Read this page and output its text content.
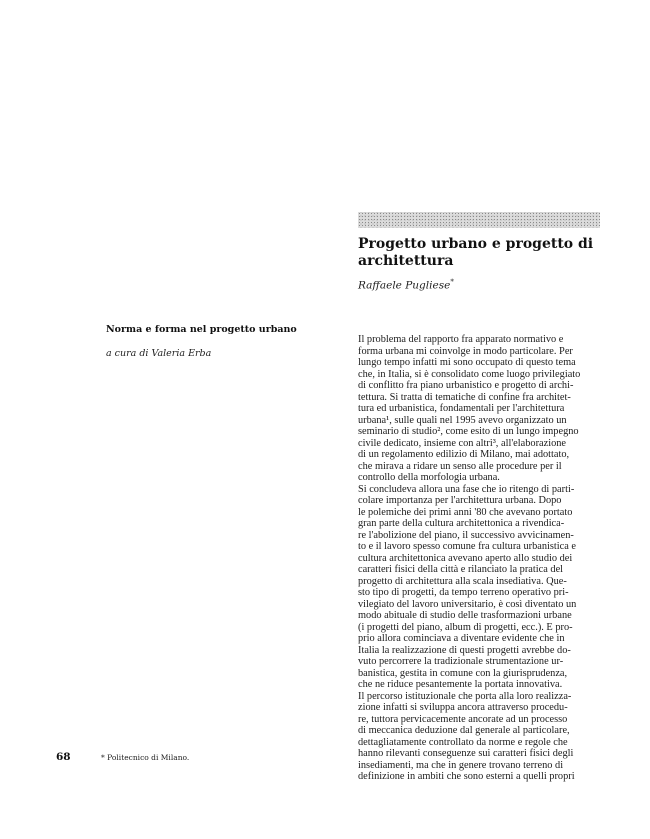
Progetto urbano e progetto di architettura
Raffaele Pugliese*
Norma e forma nel progetto urbano
a cura di Valeria Erba
Il problema del rapporto fra apparato normativo e
forma urbana mi coinvolge in modo particolare. Per
lungo tempo infatti mi sono occupato di questo tema
che, in Italia, si è consolidato come luogo privilegiato
di conflitto fra piano urbanistico e progetto di archi-
tettura. Si tratta di tematiche di confine fra architet-
tura ed urbanistica, fondamentali per l'architettura
urbana¹, sulle quali nel 1995 avevo organizzato un
seminario di studio², come esito di un lungo impegno
civile dedicato, insieme con altri³, all'elaborazione
di un regolamento edilizio di Milano, mai adottato,
che mirava a ridare un senso alle procedure per il
controllo della morfologia urbana.
Si concludeva allora una fase che io ritengo di parti-
colare importanza per l'architettura urbana. Dopo
le polemiche dei primi anni '80 che avevano portato
gran parte della cultura architettonica a rivendica-
re l'abolizione del piano, il successivo avvicinamen-
to e il lavoro spesso comune fra cultura urbanistica e
cultura architettonica avevano aperto allo studio dei
caratteri fisici della città e rilanciato la pratica del
progetto di architettura alla scala insediativa. Que-
sto tipo di progetti, da tempo terreno operativo pri-
vilegiato del lavoro universitario, è così diventato un
modo abituale di studio delle trasformazioni urbane
(i progetti del piano, album di progetti, ecc.). E pro-
prio allora cominciava a diventare evidente che in
Italia la realizzazione di questi progetti avrebbe do-
vuto percorrere la tradizionale strumentazione ur-
banistica, gestita in comune con la giurisprudenza,
che ne riduce pesantemente la portata innovativa.
Il percorso istituzionale che porta alla loro realizza-
zione infatti si sviluppa ancora attraverso procedu-
re, tuttora pervicacemente ancorate ad un processo
di meccanica deduzione dal generale al particolare,
dettagliatamente controllato da norme e regole che
hanno rilevanti conseguenze sui caratteri fisici degli
insediamenti, ma che in genere trovano terreno di
definizione in ambiti che sono esterni a quelli propri
68	* Politecnico di Milano.
